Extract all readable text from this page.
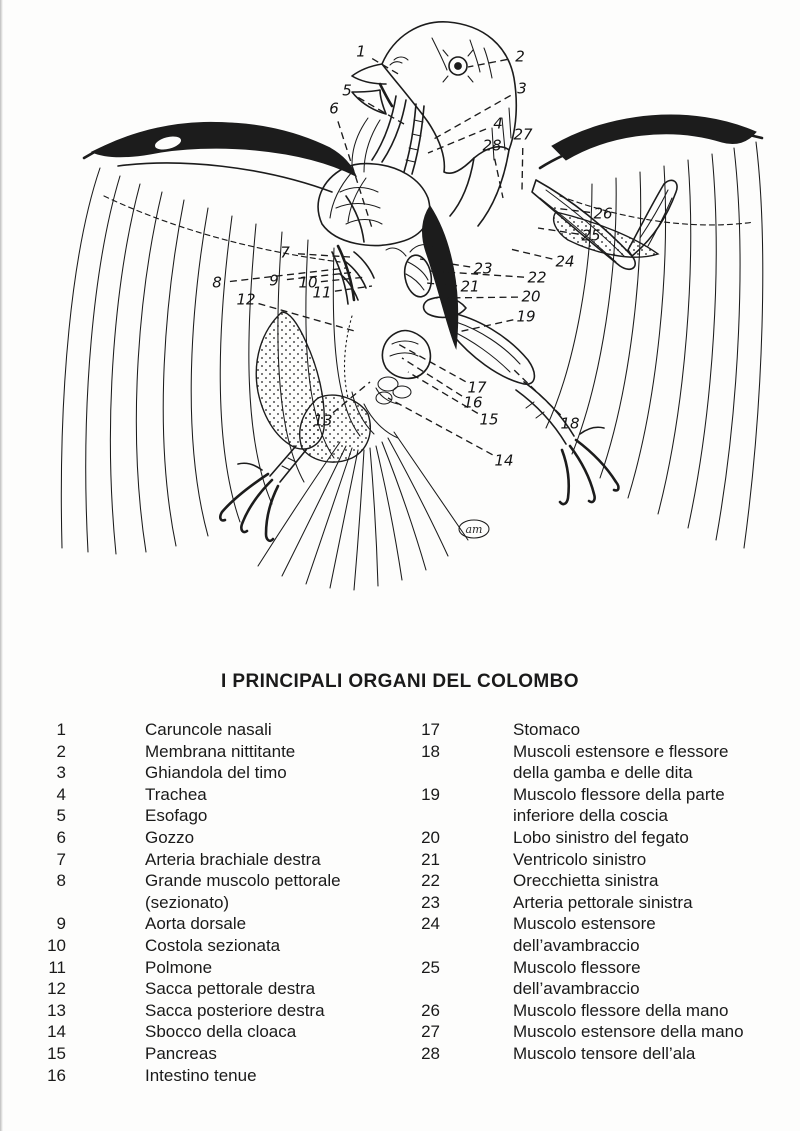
am
1	2
3
4
5
6
7
8	9 10
11
12
13
14
15
16
17
18
19
20
21	22
23	24
25
26
27
28
I PRINCIPALI ORGANI DEL COLOMBO
1	Caruncole nasali
2	Membrana nittitante
3	Ghiandola del timo
4	Trachea
5	Esofago
6	Gozzo
7	Arteria brachiale destra
8	Grande muscolo pettorale (sezionato)
9	Aorta dorsale
10	Costola sezionata
11	Polmone
12	Sacca pettorale destra
13	Sacca posteriore destra
14	Sbocco della cloaca
15	Pancreas
16	Intestino tenue
17	Stomaco
18	Muscoli estensore e flessore della gamba e delle dita
19	Muscolo flessore della parte inferiore della coscia
20	Lobo sinistro del fegato
21	Ventricolo sinistro
22	Orecchietta sinistra
23	Arteria pettorale sinistra
24	Muscolo estensore dell’avambraccio
25	Muscolo flessore dell’avambraccio
26	Muscolo flessore della mano
27	Muscolo estensore della mano
28	Muscolo tensore dell’ala
